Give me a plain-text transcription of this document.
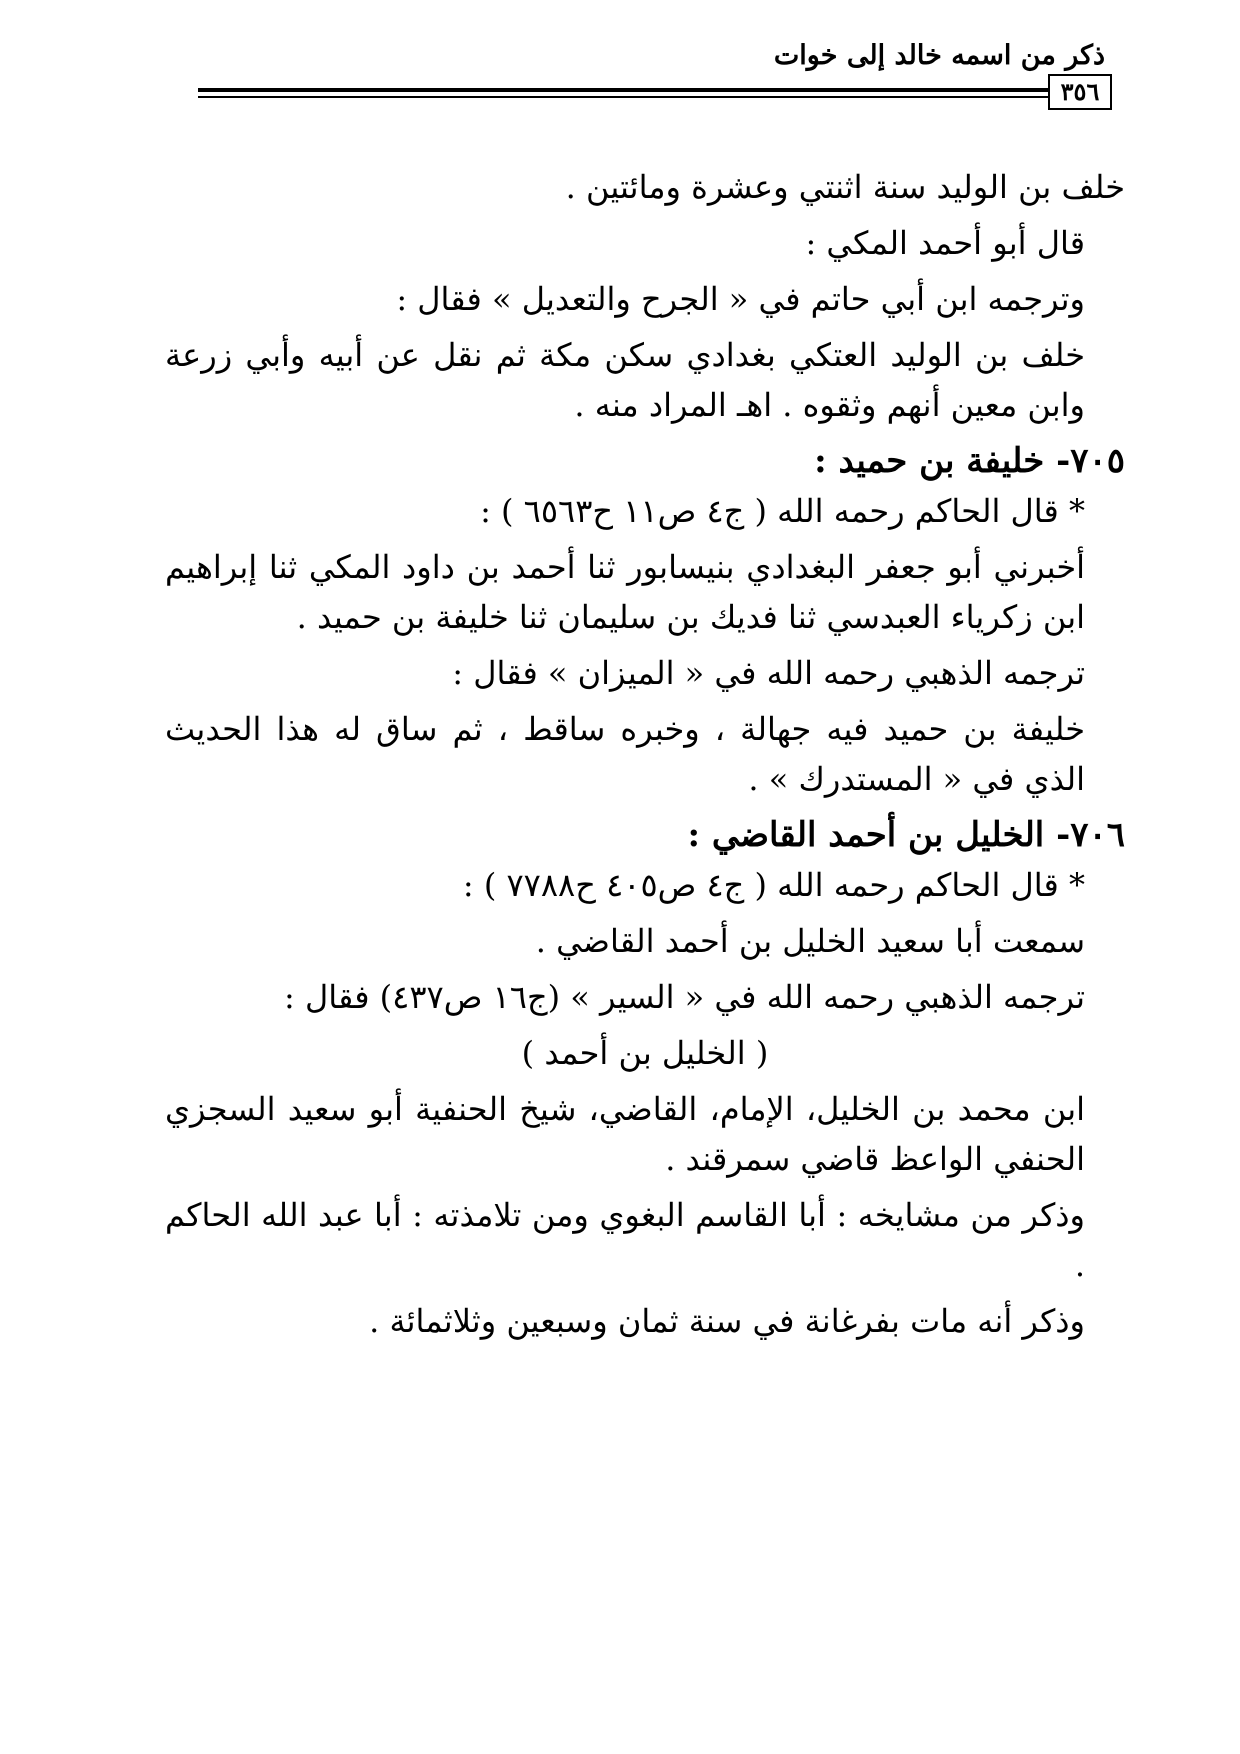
ذكر من اسمه خالد إلى خوات
٣٥٦

خلف بن الوليد سنة اثنتي وعشرة ومائتين .

قال أبو أحمد المكي :

وترجمه ابن أبي حاتم في « الجرح والتعديل » فقال :

خلف بن الوليد العتكي بغدادي سكن مكة ثم نقل عن أبيه وأبي زرعة وابن معين أنهم وثقوه . اهـ المراد منه .

٧٠٥- خليفة بن حميد :

* قال الحاكم رحمه الله ( ج٤ ص١١ ح٦٥٦٣ ) :

أخبرني أبو جعفر البغدادي بنيسابور ثنا أحمد بن داود المكي ثنا إبراهيم ابن زكرياء العبدسي ثنا فديك بن سليمان ثنا خليفة بن حميد .

ترجمه الذهبي رحمه الله في « الميزان » فقال :

خليفة بن حميد فيه جهالة ، وخبره ساقط ، ثم ساق له هذا الحديث الذي في « المستدرك » .

٧٠٦- الخليل بن أحمد القاضي :

* قال الحاكم رحمه الله ( ج٤ ص٤٠٥ ح٧٧٨٨ ) :

سمعت أبا سعيد الخليل بن أحمد القاضي .

ترجمه الذهبي رحمه الله في « السير » (ج١٦ ص٤٣٧) فقال :

( الخليل بن أحمد )

ابن محمد بن الخليل، الإمام، القاضي، شيخ الحنفية أبو سعيد السجزي الحنفي الواعظ قاضي سمرقند .

وذكر من مشايخه : أبا القاسم البغوي ومن تلامذته : أبا عبد الله الحاكم .

وذكر أنه مات بفرغانة في سنة ثمان وسبعين وثلاثمائة .
